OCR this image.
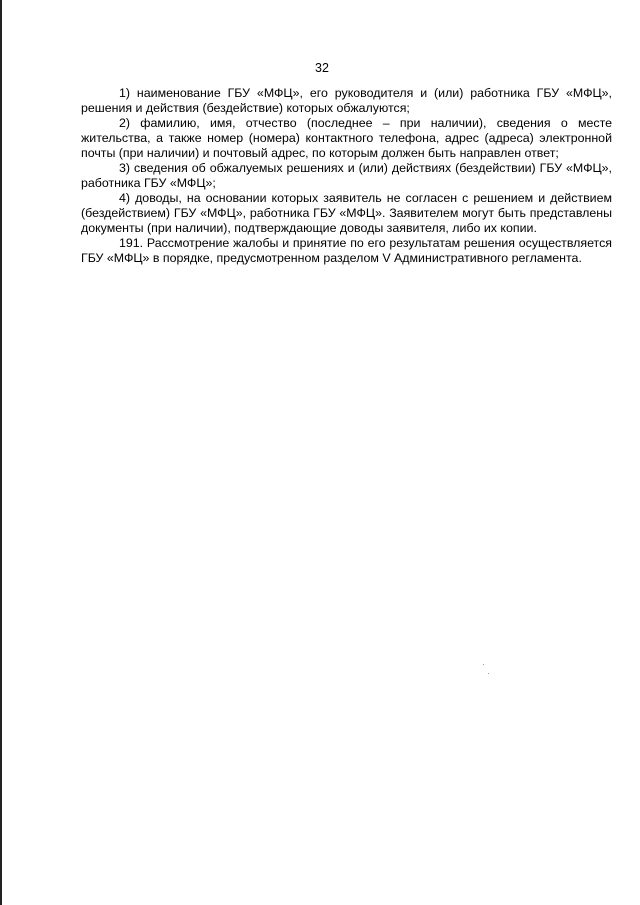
32

1) наименование ГБУ «МФЦ», его руководителя и (или) работника ГБУ «МФЦ», решения и действия (бездействие) которых обжалуются;

2) фамилию, имя, отчество (последнее – при наличии), сведения о месте жительства, а также номер (номера) контактного телефона, адрес (адреса) электронной почты (при наличии) и почтовый адрес, по которым должен быть направлен ответ;

3) сведения об обжалуемых решениях и (или) действиях (бездействии) ГБУ «МФЦ», работника ГБУ «МФЦ»;

4) доводы, на основании которых заявитель не согласен с решением и действием (бездействием) ГБУ «МФЦ», работника ГБУ «МФЦ». Заявителем могут быть представлены документы (при наличии), подтверждающие доводы заявителя, либо их копии.

191. Рассмотрение жалобы и принятие по его результатам решения осуществляется ГБУ «МФЦ» в порядке, предусмотренном разделом V Административного регламента.
